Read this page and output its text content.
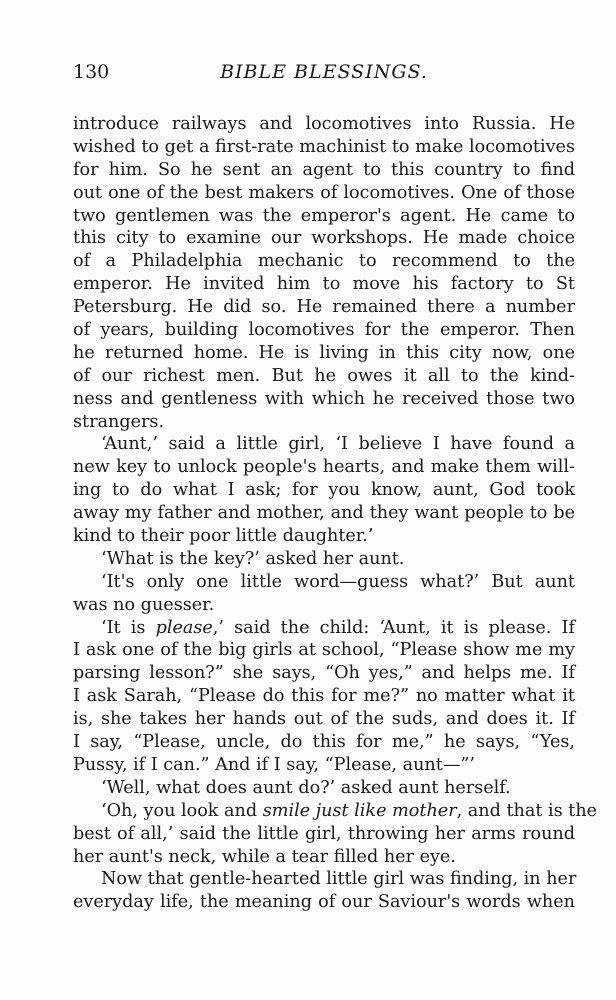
130	BIBLE BLESSINGS.
introduce railways and locomotives into Russia. He
wished to get a first-rate machinist to make locomotives
for him. So he sent an agent to this country to find
out one of the best makers of locomotives. One of those
two gentlemen was the emperor's agent. He came to
this city to examine our workshops. He made choice
of a Philadelphia mechanic to recommend to the
emperor. He invited him to move his factory to St
Petersburg. He did so. He remained there a number
of years, building locomotives for the emperor. Then
he returned home. He is living in this city now, one
of our richest men. But he owes it all to the kind-
ness and gentleness with which he received those two
strangers.
‘Aunt,’ said a little girl, ‘I believe I have found a
new key to unlock people's hearts, and make them will-
ing to do what I ask; for you know, aunt, God took
away my father and mother, and they want people to be
kind to their poor little daughter.’
‘What is the key?’ asked her aunt.
‘It's only one little word—guess what?’ But aunt
was no guesser.
‘It is please,’ said the child: ‘Aunt, it is please. If
I ask one of the big girls at school, “Please show me my
parsing lesson?” she says, “Oh yes,” and helps me. If
I ask Sarah, “Please do this for me?” no matter what it
is, she takes her hands out of the suds, and does it. If
I say, “Please, uncle, do this for me,” he says, “Yes,
Pussy, if I can.” And if I say, “Please, aunt—”’
‘Well, what does aunt do?’ asked aunt herself.
‘Oh, you look and smile just like mother, and that is the
best of all,’ said the little girl, throwing her arms round
her aunt's neck, while a tear filled her eye.
Now that gentle-hearted little girl was finding, in her
everyday life, the meaning of our Saviour's words when
